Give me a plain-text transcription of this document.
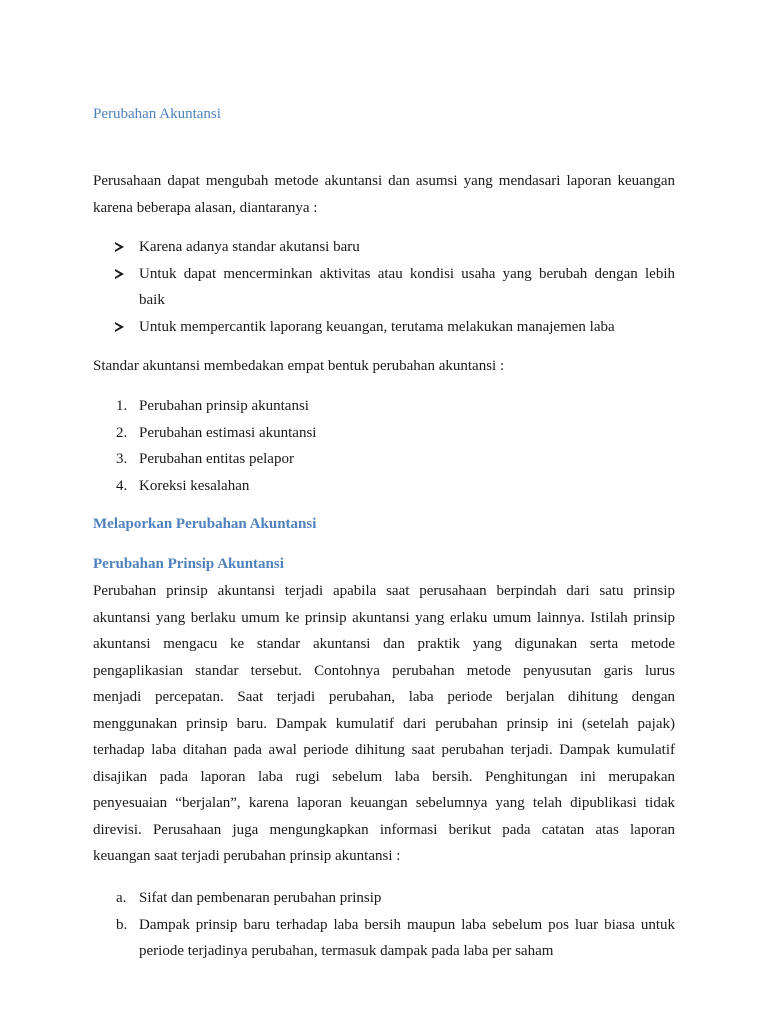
Perubahan Akuntansi
Perusahaan dapat mengubah metode akuntansi dan asumsi yang mendasari laporan keuangan
karena beberapa alasan, diantaranya :
Karena adanya standar akutansi baru
Untuk dapat mencerminkan aktivitas atau kondisi usaha yang berubah dengan lebih
baik
Untuk mempercantik laporang keuangan, terutama melakukan manajemen laba
Standar akuntansi membedakan empat bentuk perubahan akuntansi :
1. Perubahan prinsip akuntansi
2. Perubahan estimasi akuntansi
3. Perubahan entitas pelapor
4. Koreksi kesalahan
Melaporkan Perubahan Akuntansi
Perubahan Prinsip Akuntansi
Perubahan prinsip akuntansi terjadi apabila saat perusahaan berpindah dari satu prinsip
akuntansi yang berlaku umum ke prinsip akuntansi yang erlaku umum lainnya. Istilah prinsip
akuntansi mengacu ke standar akuntansi dan praktik yang digunakan serta metode
pengaplikasian standar tersebut. Contohnya perubahan metode penyusutan garis lurus
menjadi percepatan. Saat terjadi perubahan, laba periode berjalan dihitung dengan
menggunakan prinsip baru. Dampak kumulatif dari perubahan prinsip ini (setelah pajak)
terhadap laba ditahan pada awal periode dihitung saat perubahan terjadi. Dampak kumulatif
disajikan pada laporan laba rugi sebelum laba bersih. Penghitungan ini merupakan
penyesuaian “berjalan”, karena laporan keuangan sebelumnya yang telah dipublikasi tidak
direvisi. Perusahaan juga mengungkapkan informasi berikut pada catatan atas laporan
keuangan saat terjadi perubahan prinsip akuntansi :
a. Sifat dan pembenaran perubahan prinsip
b. Dampak prinsip baru terhadap laba bersih maupun laba sebelum pos luar biasa untuk
periode terjadinya perubahan, termasuk dampak pada laba per saham
